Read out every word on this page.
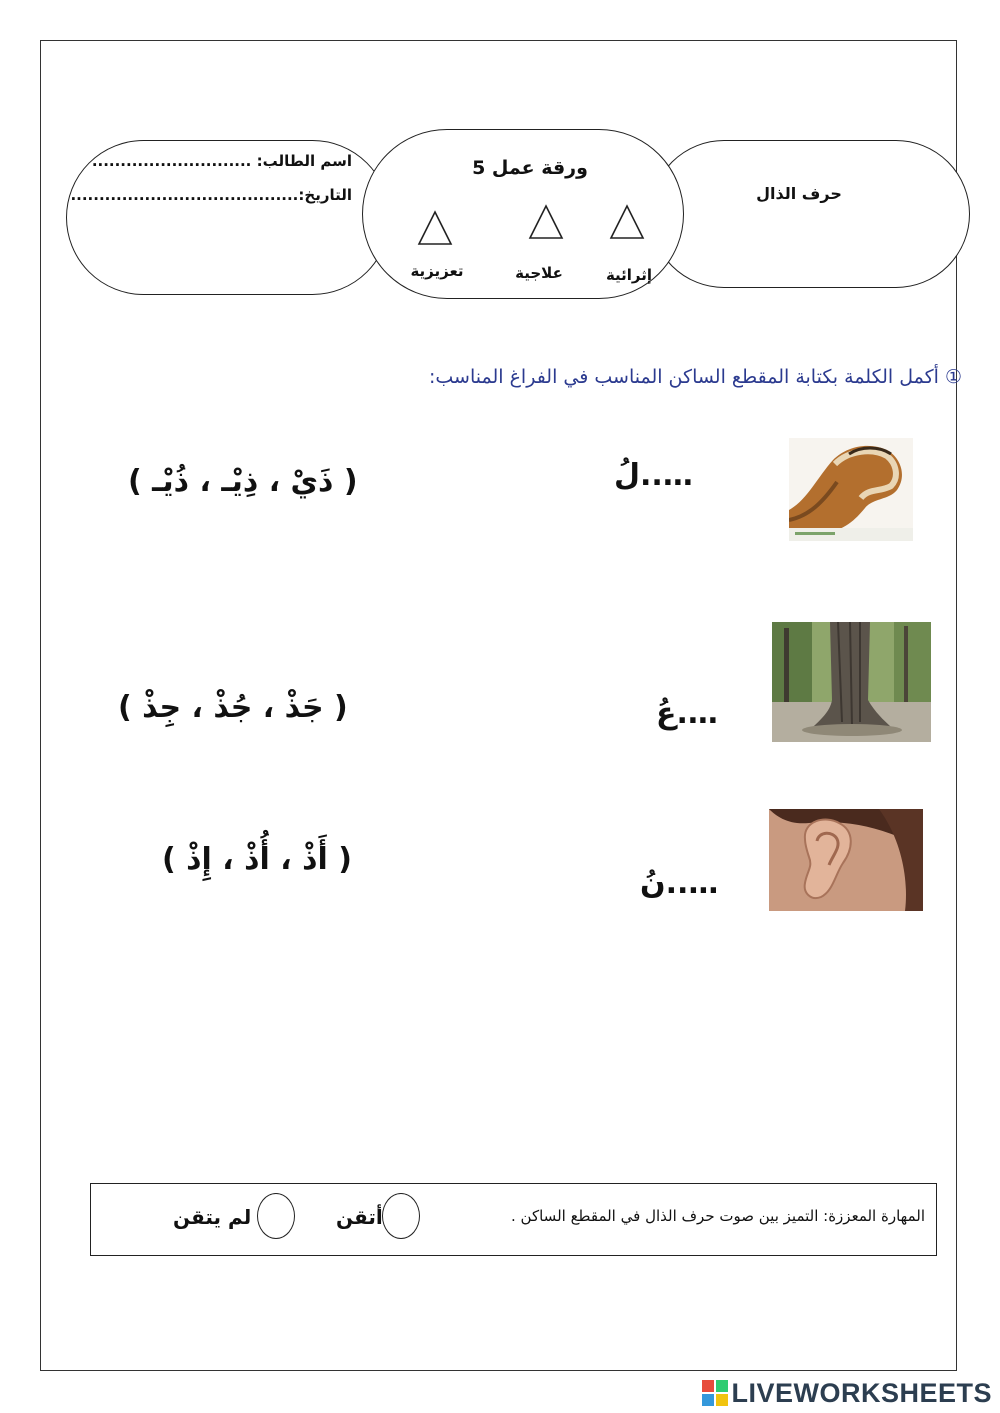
اسم الطالب: ............................
التاريخ:........................................
ورقة عمل 5
إثرائية
علاجية
تعزيزية
حرف الذال
① أكمل الكلمة بكتابة المقطع الساكن المناسب في الفراغ المناسب:
…..لُ
( ذَيْ ، ذِيْـ ، ذُيْـ )
….عُ
( جَذْ ، جُذْ ، جِذْ )
…..نُ
( أَذْ ، أُذْ ، إِذْ )
المهارة المعززة: التميز بين صوت حرف الذال في المقطع الساكن .
أتقن
لم يتقن
LIVEWORKSHEETS
